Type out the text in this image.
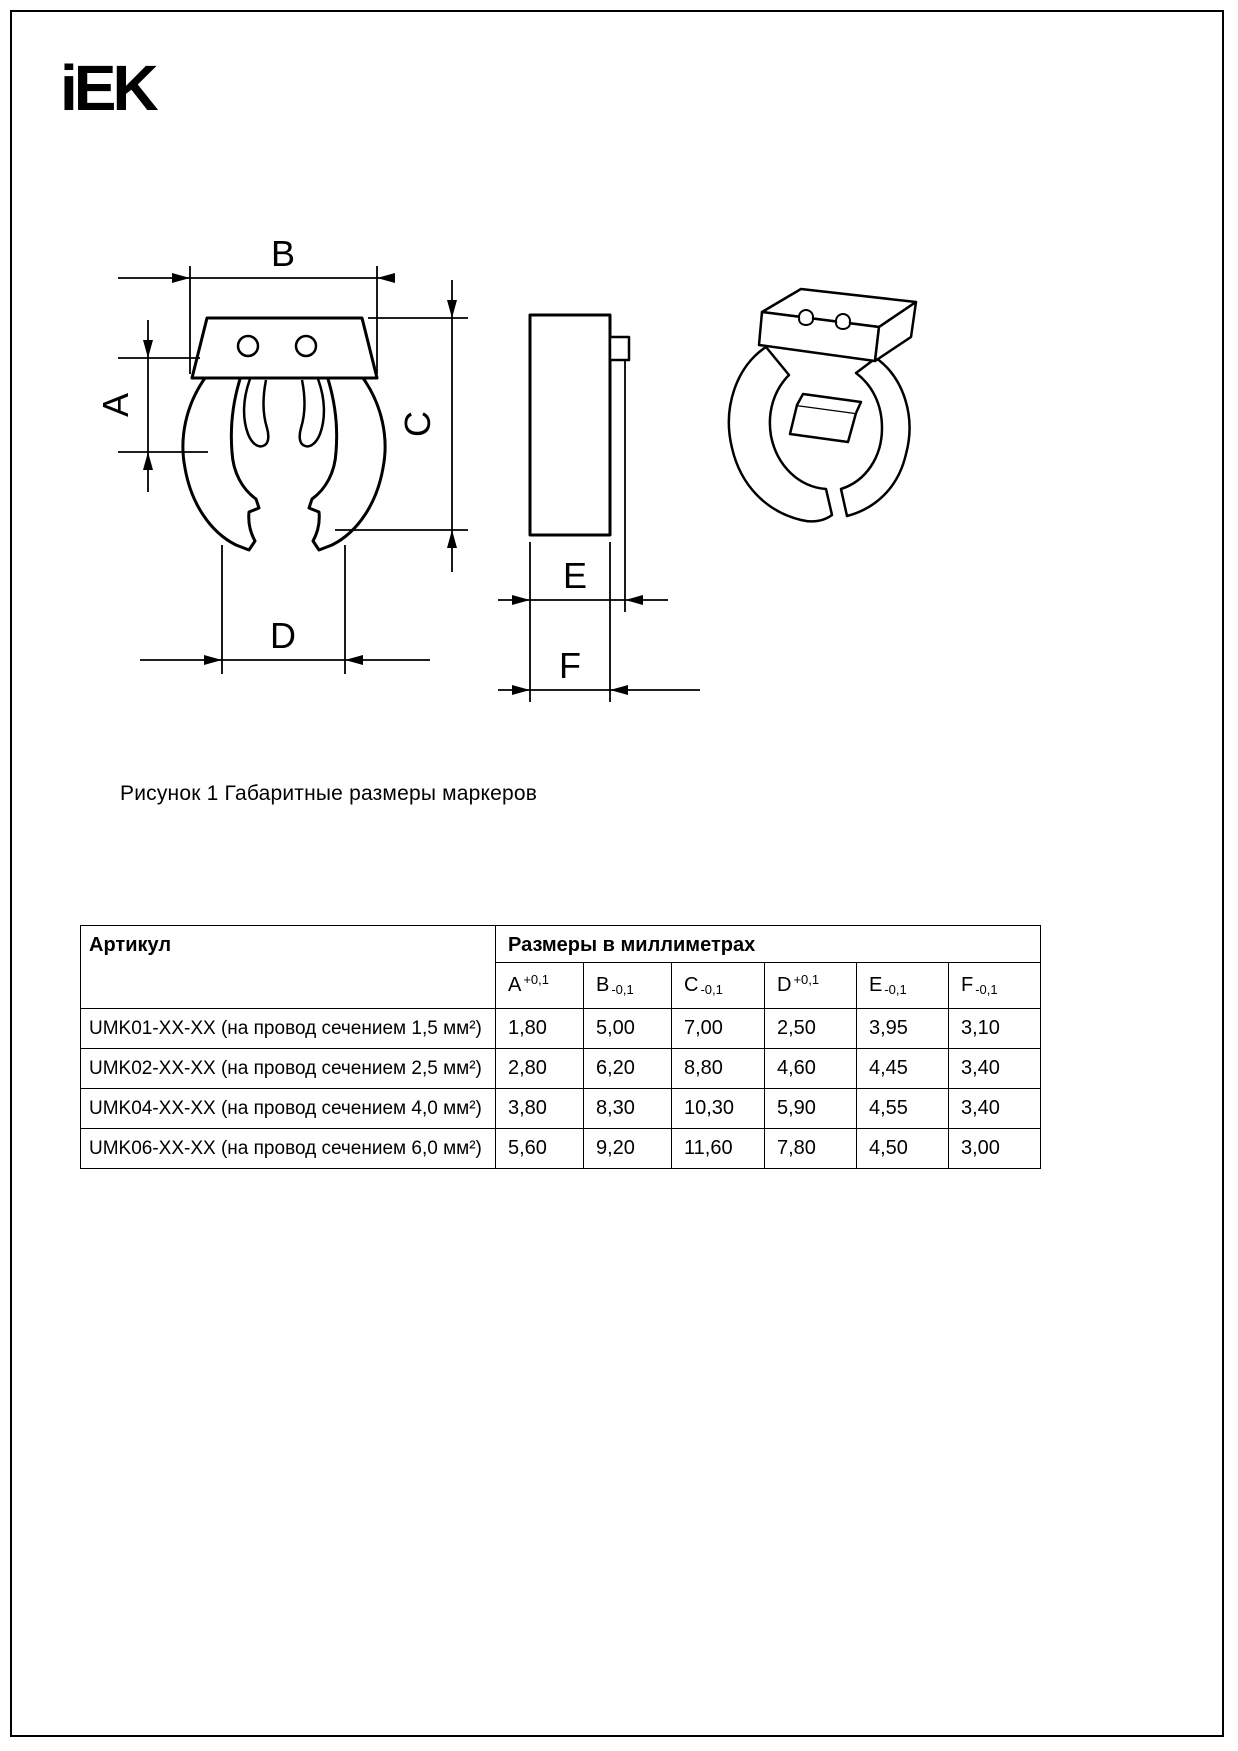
iEK
B
A
C
D
E
F
Рисунок 1 Габаритные размеры маркеров
Артикул	Размеры в миллиметрах					
	A $^{+0,1}$	B -0,1	C -0,1	D $^{+0,1}$	E -0,1	F -0,1
UMK01-XX-XX (на провод сечением 1,5 мм²)	1,80	5,00	7,00	2,50	3,95	3,10
UMK02-XX-XX (на провод сечением 2,5 мм²)	2,80	6,20	8,80	4,60	4,45	3,40
UMK04-XX-XX (на провод сечением 4,0 мм²)	3,80	8,30	10,30	5,90	4,55	3,40
UMK06-XX-XX (на провод сечением 6,0 мм²)	5,60	9,20	11,60	7,80	4,50	3,00
